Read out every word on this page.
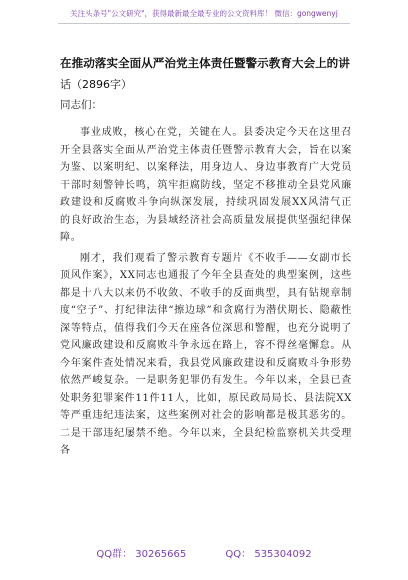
关注头条号"公文研究"，获得最新最全最专业的公文资料库！ 微信：gongwenyj
在推动落实全面从严治党主体责任暨警示教育大会上的讲
话（2896字）
同志们：

事业成败，核心在党，关键在人。县委决定今天在这里召开全县落实全面从严治党主体责任暨警示教育大会，旨在以案为鉴、以案明纪、以案释法，用身边人、身边事教育广大党员干部时刻警钟长鸣，筑牢拒腐防线，坚定不移推动全县党风廉政建设和反腐败斗争向纵深发展，持续巩固发展XX风清气正的良好政治生态，为县域经济社会高质量发展提供坚强纪律保障。

刚才，我们观看了警示教育专题片《不收手——女副市长顶风作案》，XX同志也通报了今年全县查处的典型案例，这些都是十八大以来仍不收敛、不收手的反面典型，具有钻规章制度“空子”、打纪律法律“擦边球”和贪腐行为潜伏期长、隐蔽性深等特点，值得我们今天在座各位深思和警醒，也充分说明了党风廉政建设和反腐败斗争永远在路上，容不得丝毫懈怠。从今年案件查处情况来看，我县党风廉政建设和反腐败斗争形势依然严峻复杂。一是职务犯罪仍有发生。今年以来，全县已查处职务犯罪案件11件11人，比如，原民政局局长、县法院XX等严重违纪违法案，这些案例对社会的影响都是极其恶劣的。二是干部违纪屡禁不绝。今年以来，全县纪检监察机关共受理各

QQ群： 30265665	QQ： 535304092
